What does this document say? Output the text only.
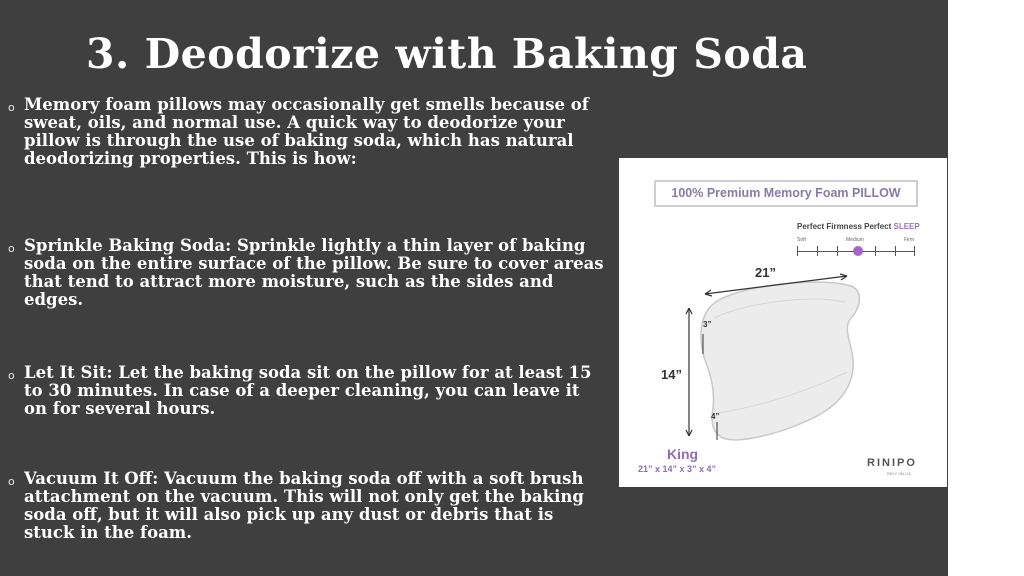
3. Deodorize with Baking Soda
o Memory foam pillows may occasionally get smells because of sweat, oils, and normal use. A quick way to deodorize your pillow is through the use of baking soda, which has natural deodorizing properties. This is how:
o Sprinkle Baking Soda: Sprinkle lightly a thin layer of baking soda on the entire surface of the pillow. Be sure to cover areas that tend to attract more moisture, such as the sides and edges.
o Let It Sit: Let the baking soda sit on the pillow for at least 15 to 30 minutes. In case of a deeper cleaning, you can leave it on for several hours.
o Vacuum It Off: Vacuum the baking soda off with a soft brush attachment on the vacuum. This will not only get the baking soda off, but it will also pick up any dust or debris that is stuck in the foam.
100% Premium Memory Foam PILLOW
Perfect Firmness Perfect SLEEP
Soft	Medium	Firm
21”
14”
3”
4”
King
21” x 14” x 3” x 4”	RINIPO
RELY ON US
